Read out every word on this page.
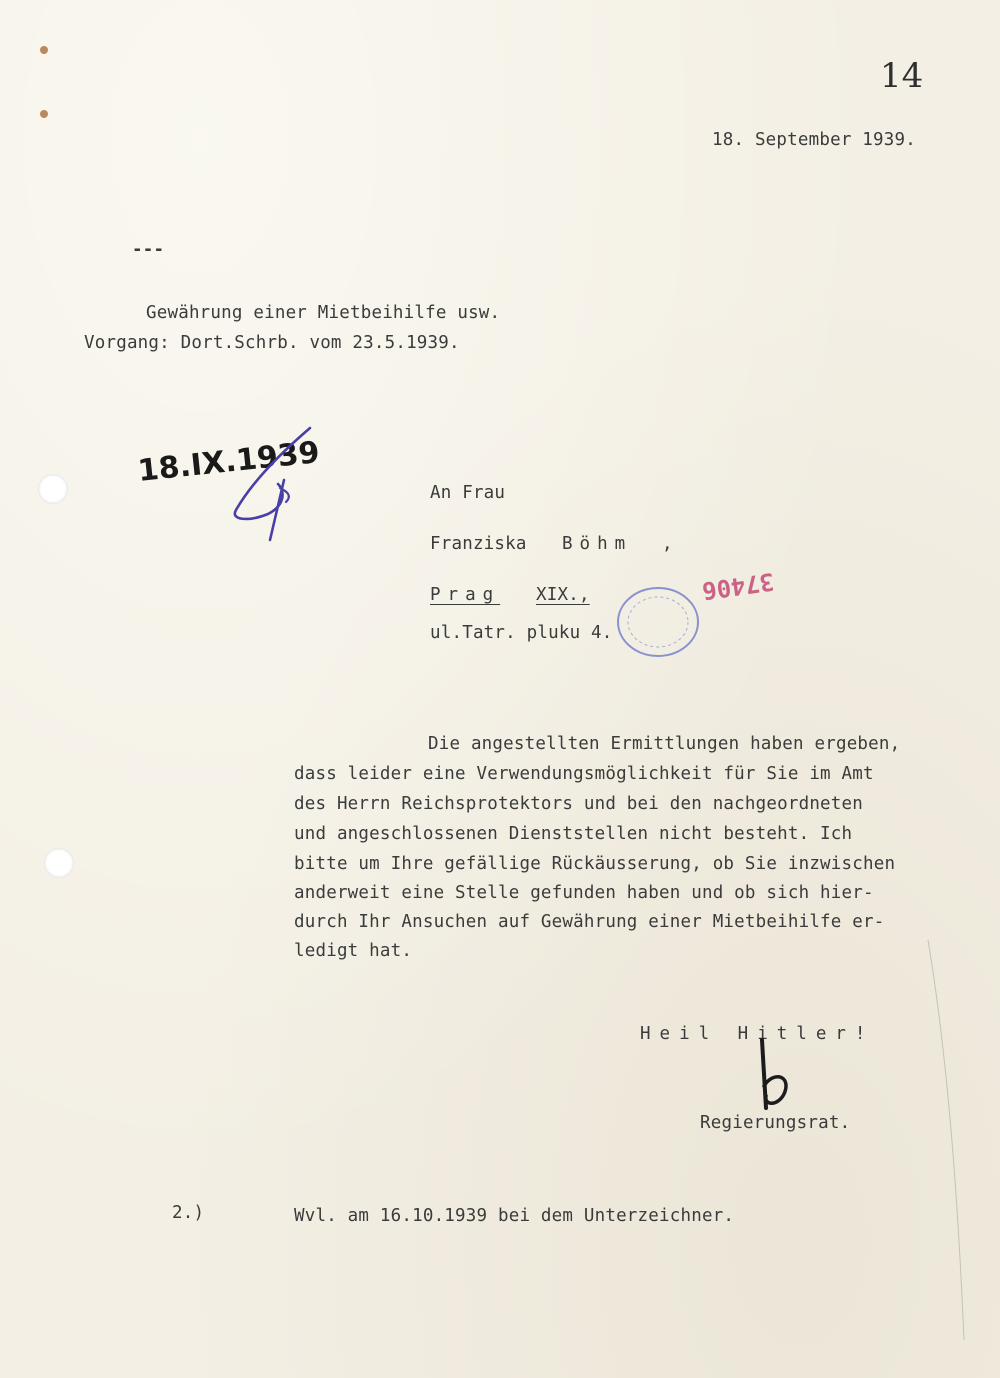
14
18. September 1939.
---
Gewährung einer Mietbeihilfe usw.
Vorgang: Dort.Schrb. vom 23.5.1939.
18.IX.1939
An Frau
Franziska Böhm ,
Prag XIX.,
ul.Tatr. pluku 4.
37406
Die angestellten Ermittlungen haben ergeben,
dass leider eine Verwendungsmöglichkeit für Sie im Amt
des Herrn Reichsprotektors und bei den nachgeordneten
und angeschlossenen Dienststellen nicht besteht. Ich
bitte um Ihre gefällige Rückäusserung, ob Sie inzwischen
anderweit eine Stelle gefunden haben und ob sich hier-
durch Ihr Ansuchen auf Gewährung einer Mietbeihilfe er-
ledigt hat.
Heil Hitler!
Regierungsrat.
2.)	Wvl. am 16.10.1939 bei dem Unterzeichner.
